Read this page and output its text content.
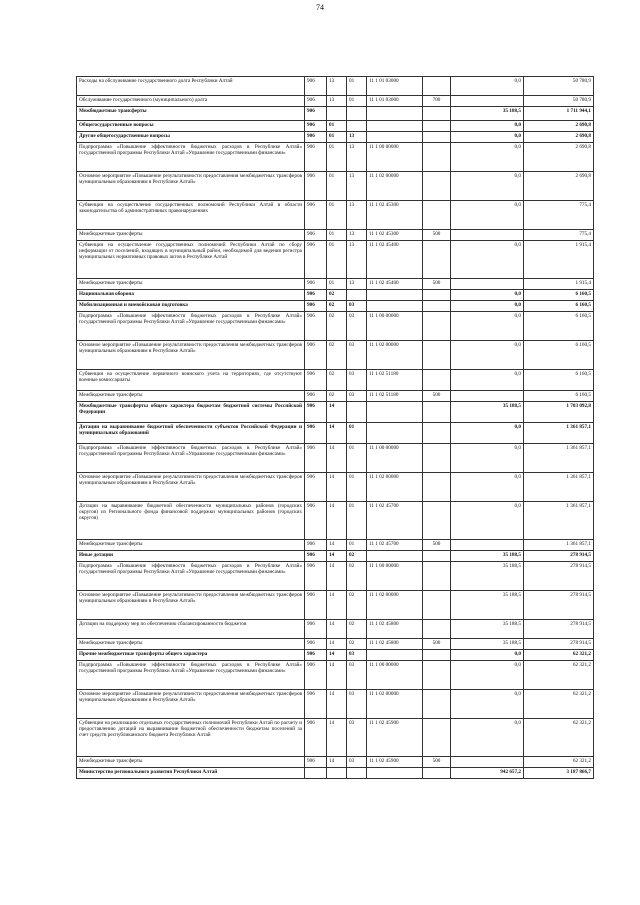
74
Расходы на обслуживание государственного долга Республики Алтай	906	13	01	11 1 01 03000		0,0	50 780,9
Обслуживание государственного (муниципального) долга	906	13	01	11 1 01 03000	700		50 780,9
Межбюджетные трансферты	906					35 188,5	1 711 944,1
Общегосударственные вопросы	906	01				0,0	2 690,8
Другие общегосударственные вопросы	906	01	13			0,0	2 690,8
Подпрограмма «Повышение эффективности бюджетных расходов в Республике Алтай» государственной программы Республики Алтай «Управление государственными финансами»	906	01	13	11 1 00 00000		0,0	2 690,8
Основное мероприятие «Повышение результативности предоставления межбюджетных трансферов муниципальным образованиям в Республике Алтай»	906	01	13	11 1 02 00000		0,0	2 690,8
Субвенции на осуществление государственных полномочий Республики Алтай в области законодательства об административных правонарушениях	906	01	13	11 1 02 45300		0,0	775,4
Межбюджетные трансферты	906	01	13	11 1 02 45300	500		775,4
Субвенции на осуществление государственных полномочий Республики Алтай по сбору информации от поселений, входящих в муниципальный район, необходимой для ведения регистра муниципальных нормативных правовых актов в Республике Алтай	906	01	13	11 1 02 45400		0,0	1 915,4
Межбюджетные трансферты	906	01	13	11 1 02 45400	500		1 915,4
Национальная оборона	906	02				0,0	6 160,5
Мобилизационная и вневойсковая подготовка	906	02	03			0,0	6 160,5
Подпрограмма «Повышение эффективности бюджетных расходов в Республике Алтай» государственной программы Республики Алтай «Управление государственными финансами»	906	02	03	11 1 00 00000		0,0	6 160,5
Основное мероприятие «Повышение результативности предоставления межбюджетных трансферов муниципальным образованиям в Республике Алтай»	906	02	03	11 1 02 00000		0,0	6 160,5
Субвенции на осуществление первичного воинского учета на территориях, где отсутствуют военные комиссариаты	906	02	03	11 1 02 51180		0,0	6 160,5
Межбюджетные трансферты	906	02	03	11 1 02 51180	500		6 160,5
Межбюджетные трансферты общего характера бюджетам бюджетной системы Российской Федерации	906	14				35 188,5	1 703 092,8
Дотации на выравнивание бюджетной обеспеченности субъектов Российской Федерации и муниципальных образований	906	14	01			0,0	1 361 857,1
Подпрограмма «Повышение эффективности бюджетных расходов в Республике Алтай» государственной программы Республики Алтай «Управление государственными финансами»	906	14	01	11 1 00 00000		0,0	1 361 857,1
Основное мероприятие «Повышение результативности предоставления межбюджетных трансферов муниципальным образованиям в Республике Алтай»	906	14	01	11 1 02 00000		0,0	1 361 857,1
Дотации на выравнивание бюджетной обеспеченности муниципальных районов (городских округов) из Регионального фонда финансовой поддержки муниципальных районов (городских округов)	906	14	01	11 1 02 45700		0,0	1 361 857,1
Межбюджетные трансферты	906	14	01	11 1 02 45700	500		1 361 857,1
Иные дотации	906	14	02			35 188,5	278 914,5
Подпрограмма «Повышение эффективности бюджетных расходов в Республике Алтай» государственной программы Республики Алтай «Управление государственными финансами»	906	14	02	11 1 00 00000		35 188,5	278 914,5
Основное мероприятие «Повышение результативности предоставления межбюджетных трансферов муниципальным образованиям в Республике Алтай»	906	14	02	11 1 02 00000		35 188,5	278 914,5
Дотации на поддержку мер по обеспечению сбалансированности бюджетов	906	14	02	11 1 02 45800		35 188,5	278 914,5
Межбюджетные трансферты	906	14	02	11 1 02 45800	500	35 188,5	278 914,5
Прочие межбюджетные трансферты общего характера	906	14	03			0,0	62 321,2
Подпрограмма «Повышение эффективности бюджетных расходов в Республике Алтай» государственной программы Республики Алтай «Управление государственными финансами»	906	14	03	11 1 00 00000		0,0	62 321,2
Основное мероприятие «Повышение результативности предоставления межбюджетных трансферов муниципальным образованиям в Республике Алтай»	906	14	03	11 1 02 00000		0,0	62 321,2
Субвенции на реализацию отдельных государственных полномочий Республики Алтай по расчету и предоставлению дотаций на выравнивание бюджетной обеспеченности бюджетам поселений за счет средств республиканского бюджета Республики Алтай	906	14	03	11 1 02 45900		0,0	62 321,2
Межбюджетные трансферты	906	14	03	11 1 02 45900	500		62 321,2
Министерство регионального развития Республики Алтай						942 657,2	3 187 866,7
